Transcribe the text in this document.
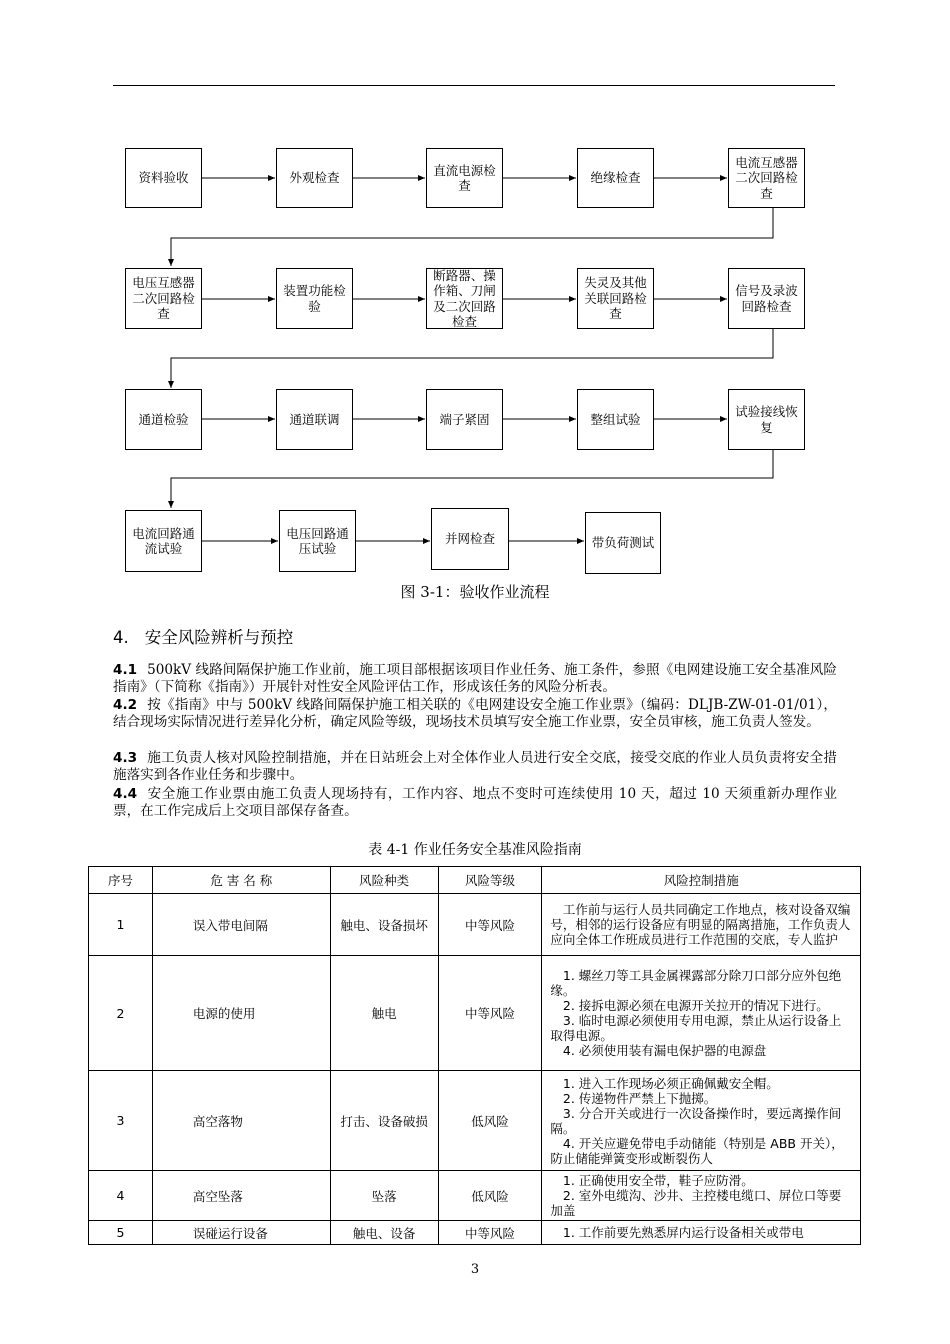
资料验收	外观检查
直流电源检查
绝缘检查
电流互感器二次回路检查
电压互感器二次回路检查
装置功能检验
断路器、操作箱、刀闸及二次回路检查
失灵及其他关联回路检查
信号及录波回路检查
通道检验	通道联调	端子紧固	整组试验
试验接线恢复
电流回路通流试验
电压回路通压试验
并网检查	带负荷测试
图 3-1：验收作业流程
4. 安全风险辨析与预控
4.1 500kV 线路间隔保护施工作业前，施工项目部根据该项目作业任务、施工条件，参照《电网建设施工安全基准风险指南》（下简称《指南》）开展针对性安全风险评估工作，形成该任务的风险分析表。
4.2 按《指南》中与 500kV 线路间隔保护施工相关联的《电网建设安全施工作业票》（编码：DLJB-ZW-01-01/01），结合现场实际情况进行差异化分析，确定风险等级，现场技术员填写安全施工作业票，安全员审核，施工负责人签发。
4.3 施工负责人核对风险控制措施，并在日站班会上对全体作业人员进行安全交底，接受交底的作业人员负责将安全措施落实到各作业任务和步骤中。
4.4 安全施工作业票由施工负责人现场持有，工作内容、地点不变时可连续使用 10 天，超过 10 天须重新办理作业票，在工作完成后上交项目部保存备查。
表 4-1 作业任务安全基准风险指南
序号	危 害 名 称	风险种类	风险等级	风险控制措施
1	误入带电间隔	触电、设备损坏	中等风险	工作前与运行人员共同确定工作地点，核对设备双编号，相邻的运行设备应有明显的隔离措施，工作负责人应向全体工作班成员进行工作范围的交底，专人监护

2	电源的使用	触电	中等风险	1. 螺丝刀等工具金属裸露部分除刀口部分应外包绝缘。
2. 接拆电源必须在电源开关拉开的情况下进行。
3. 临时电源必须使用专用电源，禁止从运行设备上取得电源。
4. 必须使用装有漏电保护器的电源盘

3	高空落物	打击、设备破损	低风险	1. 进入工作现场必须正确佩戴安全帽。
2. 传递物件严禁上下抛掷。
3. 分合开关或进行一次设备操作时，要远离操作间隔。
4. 开关应避免带电手动储能（特别是 ABB 开关），防止储能弹簧变形或断裂伤人

4	高空坠落	坠落	低风险	1. 正确使用安全带，鞋子应防滑。
2. 室外电缆沟、沙井、主控楼电缆口、屏位口等要加盖

5	误碰运行设备	触电、设备	中等风险	1. 工作前要先熟悉屏内运行设备相关或带电
3
